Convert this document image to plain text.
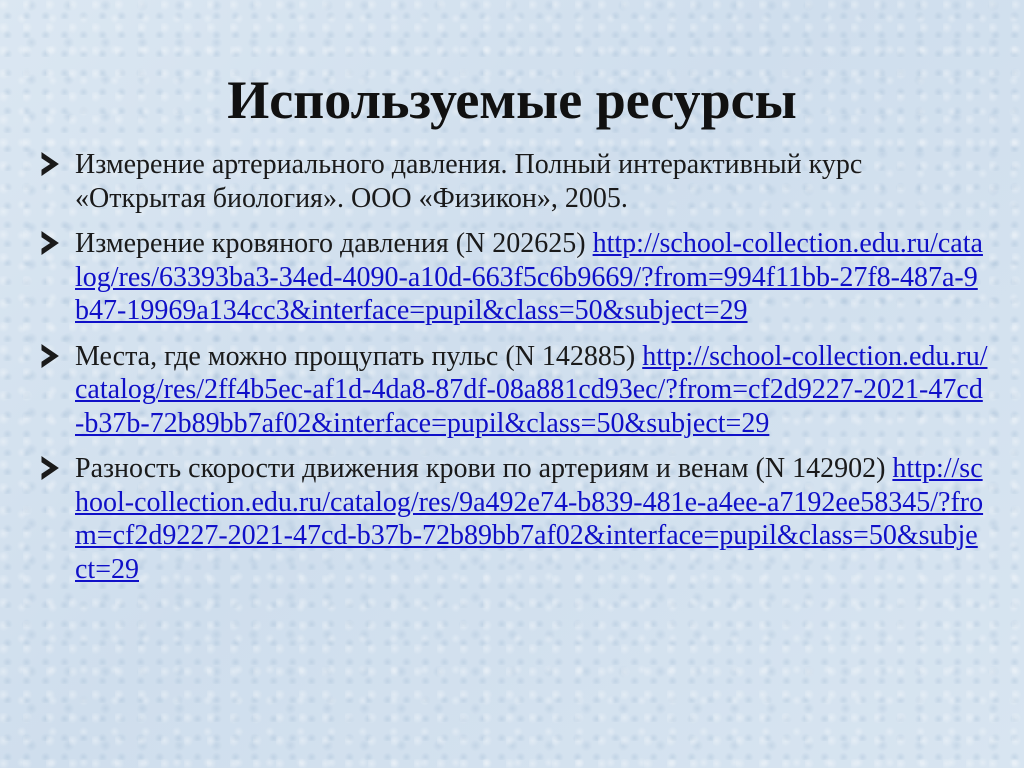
Используемые ресурсы
Измерение артериального давления. Полный интерактивный курс «Открытая биология». ООО «Физикон», 2005.
Измерение кровяного давления (N 202625) http://school-collection.edu.ru/catalog/res/63393ba3-34ed-4090-a10d-663f5c6b9669/?from=994f11bb-27f8-487a-9b47-19969a134cc3&interface=pupil&class=50&subject=29
Места, где можно прощупать пульс (N 142885) http://school-collection.edu.ru/catalog/res/2ff4b5ec-af1d-4da8-87df-08a881cd93ec/?from=cf2d9227-2021-47cd-b37b-72b89bb7af02&interface=pupil&class=50&subject=29
Разность скорости движения крови по артериям и венам (N 142902) http://school-collection.edu.ru/catalog/res/9a492e74-b839-481e-a4ee-a7192ee58345/?from=cf2d9227-2021-47cd-b37b-72b89bb7af02&interface=pupil&class=50&subject=29
